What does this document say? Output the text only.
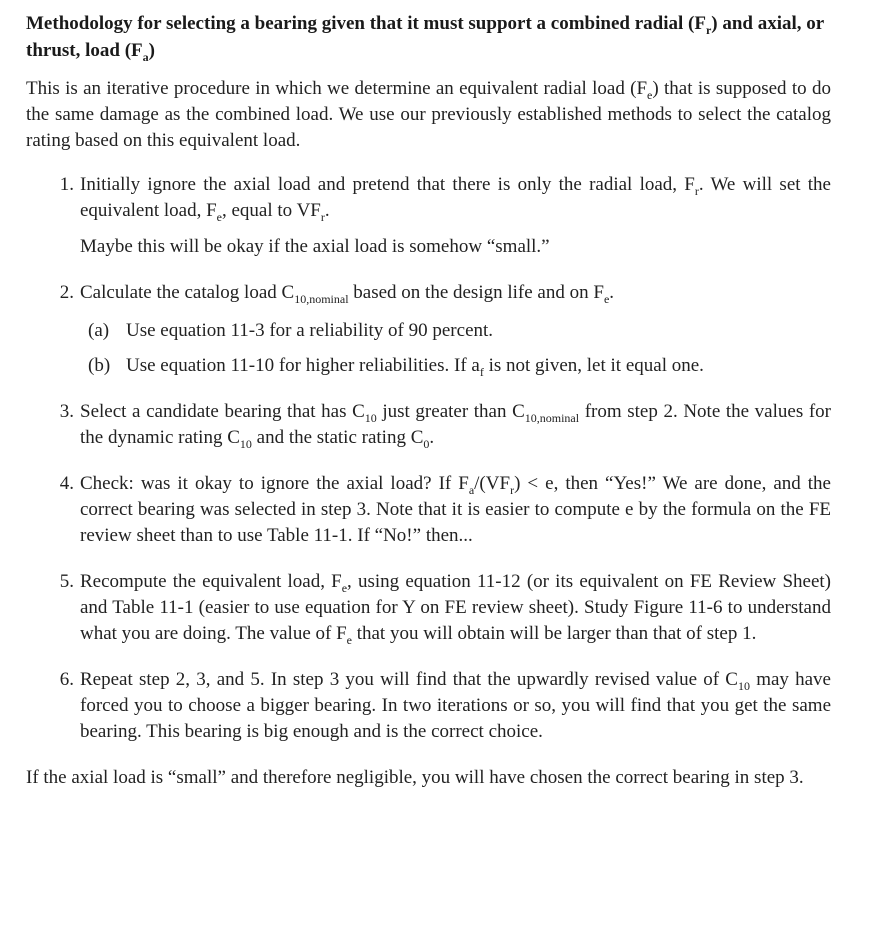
Methodology for selecting a bearing given that it must support a combined radial $(F_r)$ and axial, or thrust, load $(F_a)$

This is an iterative procedure in which we determine an equivalent radial load $(F_e)$ that is supposed to do the same damage as the combined load. We use our previously established methods to select the catalog rating based on this equivalent load.

1. Initially ignore the axial load and pretend that there is only the radial load, $F_r$. We will set the equivalent load, $F_e$, equal to $VF_r$.

Maybe this will be okay if the axial load is somehow “small.”

2. Calculate the catalog load $C_{10,nominal}$ based on the design life and on $F_e$.

(a) Use equation 11-3 for a reliability of 90 percent.
(b) Use equation 11-10 for higher reliabilities. If $a_f$ is not given, let it equal one.
3. Select a candidate bearing that has $C_{10}$ just greater than $C_{10,nominal}$ from step 2. Note the values for the dynamic rating $C_{10}$ and the static rating $C_0$.

4. Check: was it okay to ignore the axial load? If $F_a/(VF_r) < e$, then “Yes!” We are done, and the correct bearing was selected in step 3. Note that it is easier to compute e by the formula on the FE review sheet than to use Table 11-1. If “No!” then...

5. Recompute the equivalent load, $F_e$, using equation 11-12 (or its equivalent on FE Review Sheet) and Table 11-1 (easier to use equation for Y on FE review sheet). Study Figure 11-6 to understand what you are doing. The value of $F_e$ that you will obtain will be larger than that of step 1.

6. Repeat step 2, 3, and 5. In step 3 you will find that the upwardly revised value of $C_{10}$ may have forced you to choose a bigger bearing. In two iterations or so, you will find that you get the same bearing. This bearing is big enough and is the correct choice.

If the axial load is “small” and therefore negligible, you will have chosen the correct bearing in step 3.
